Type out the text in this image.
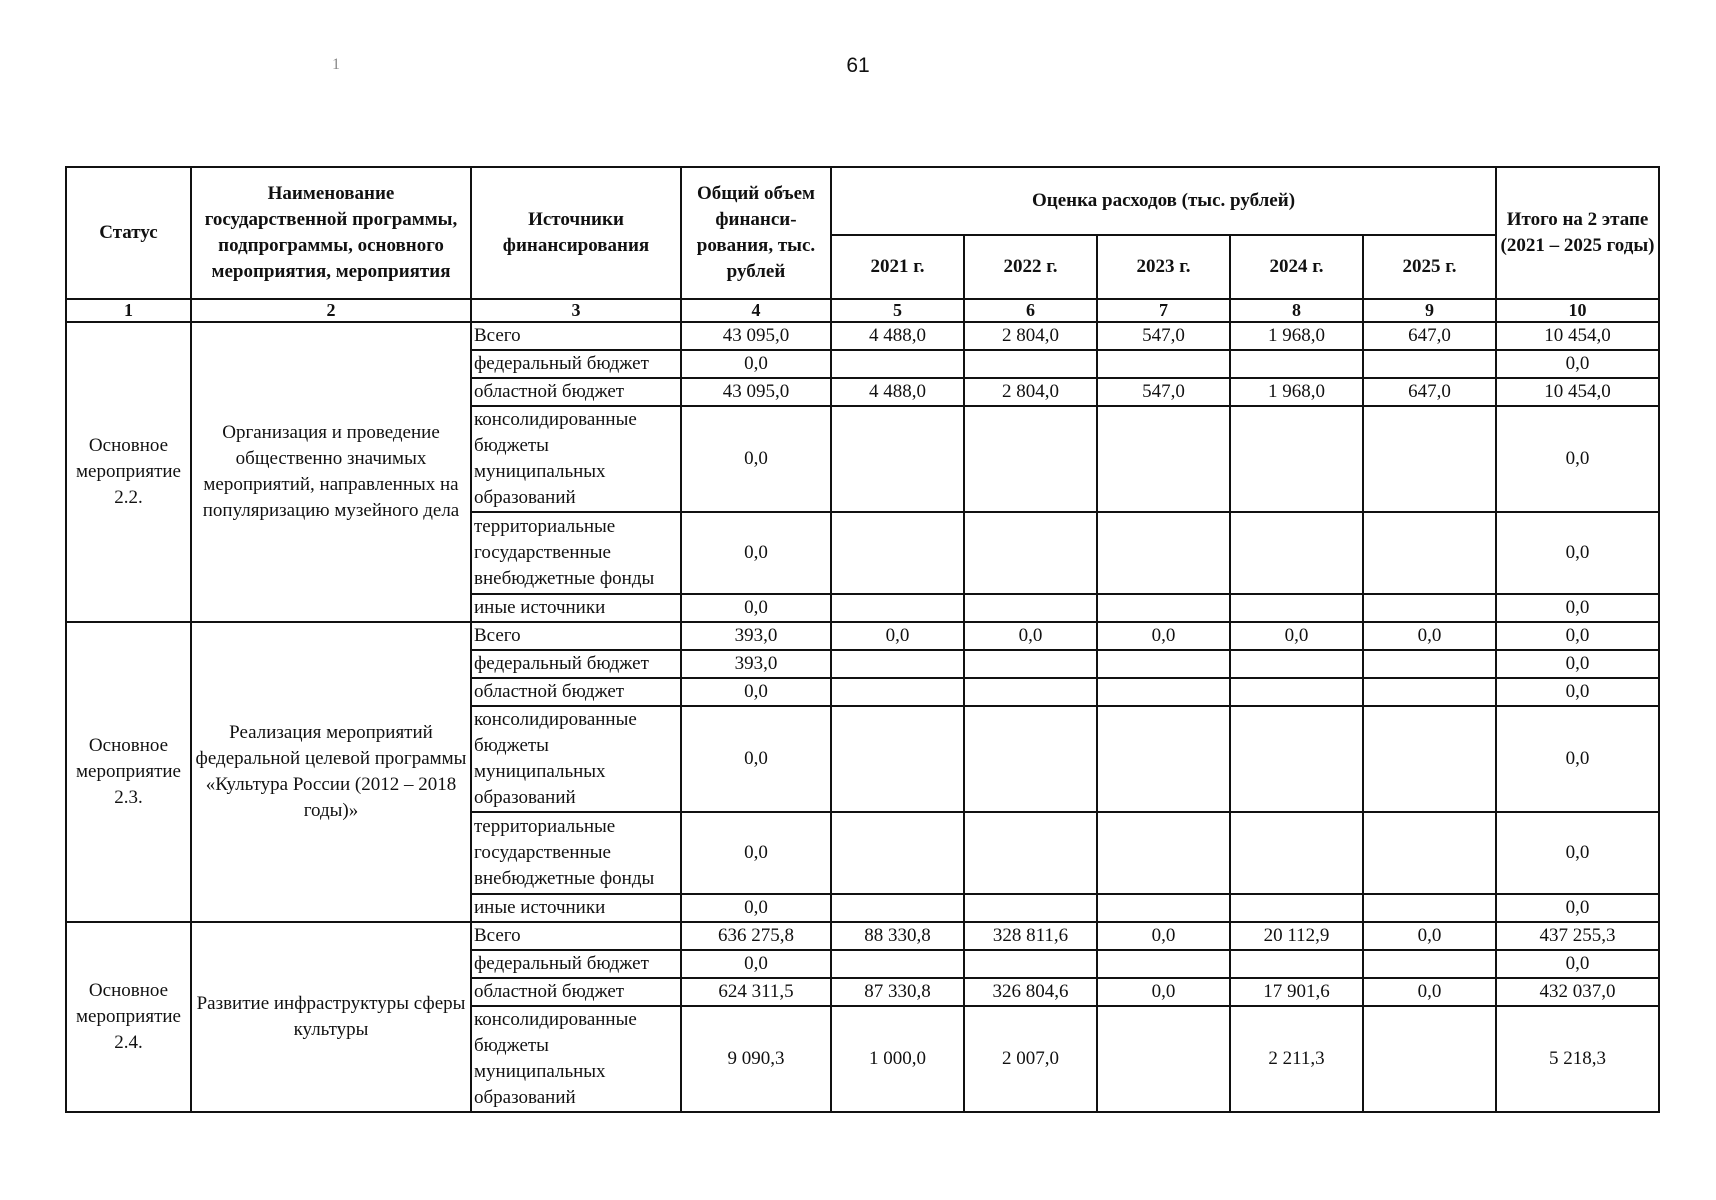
1	61
Статус	Наименование государственной программы, подпрограммы, основного мероприятия, мероприятия	Источники финансирования	Общий объем финанси-рования, тыс. рублей	Оценка расходов (тыс. рублей)					Итого на 2 этапе (2021 – 2025 годы)
				2021 г.	2022 г.	2023 г.	2024 г.	2025 г.	
1	2	3	4	5	6	7	8	9	10
Основное мероприятие 2.2.	Организация и проведение общественно значимых мероприятий, направленных на популяризацию музейного дела	Всего	43 095,0	4 488,0	2 804,0	547,0	1 968,0	647,0	10 454,0
		федеральный бюджет	0,0						0,0
		областной бюджет	43 095,0	4 488,0	2 804,0	547,0	1 968,0	647,0	10 454,0
		консолидированные бюджеты муниципальных образований	0,0						0,0
		территориальные государственные внебюджетные фонды	0,0						0,0
		иные источники	0,0						0,0
Основное мероприятие 2.3.	Реализация мероприятий федеральной целевой программы «Культура России (2012 – 2018 годы)»	Всего	393,0	0,0	0,0	0,0	0,0	0,0	0,0
		федеральный бюджет	393,0						0,0
		областной бюджет	0,0						0,0
		консолидированные бюджеты муниципальных образований	0,0						0,0
		территориальные государственные внебюджетные фонды	0,0						0,0
		иные источники	0,0						0,0
Основное мероприятие 2.4.	Развитие инфраструктуры сферы культуры	Всего	636 275,8	88 330,8	328 811,6	0,0	20 112,9	0,0	437 255,3
		федеральный бюджет	0,0						0,0
		областной бюджет	624 311,5	87 330,8	326 804,6	0,0	17 901,6	0,0	432 037,0
		консолидированные бюджеты муниципальных образований	9 090,3	1 000,0	2 007,0		2 211,3		5 218,3
